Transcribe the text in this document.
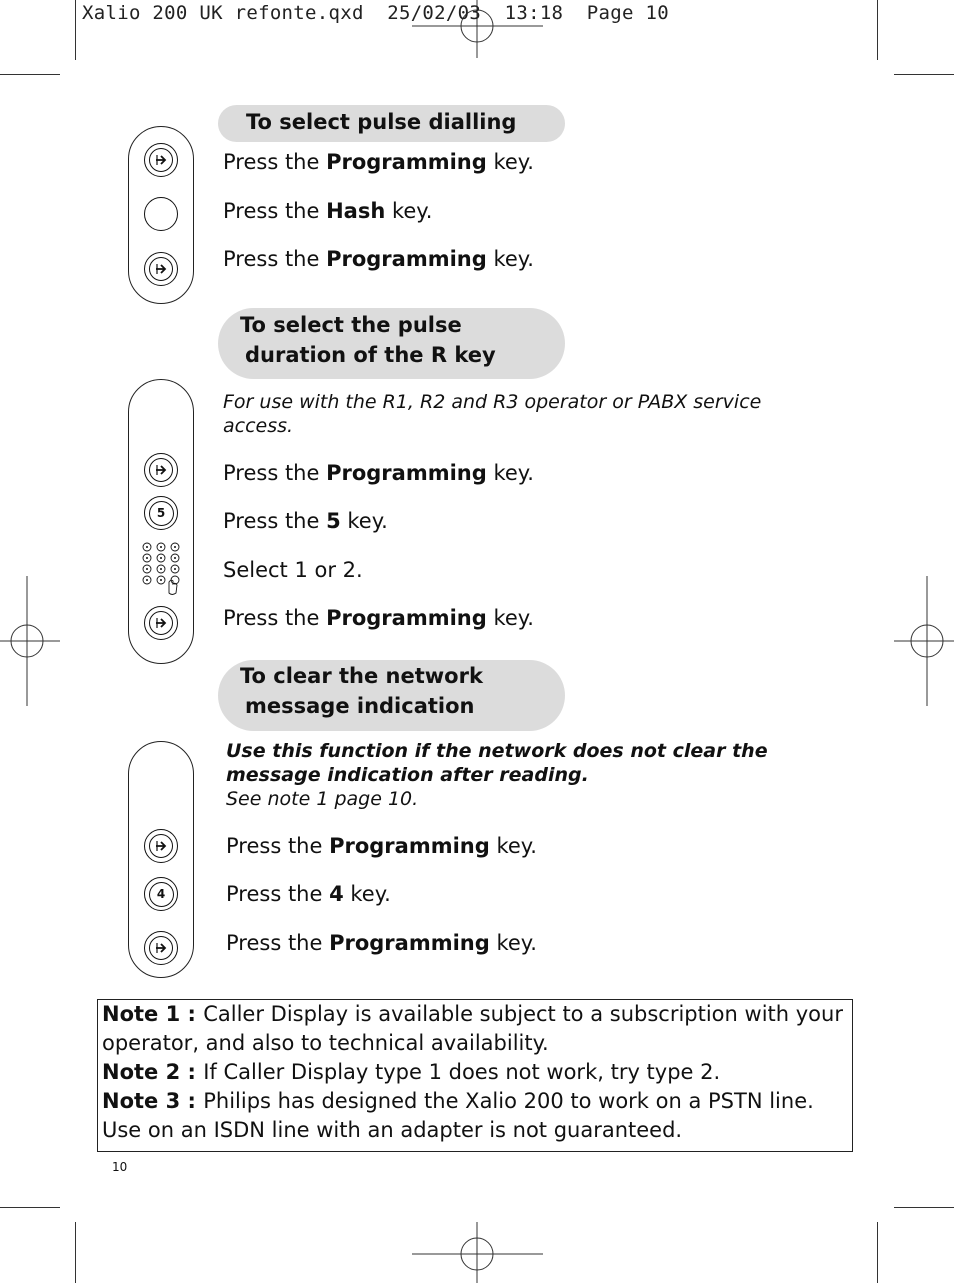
Xalio 200 UK refonte.qxd  25/02/03  13:18  Page 10
To select pulse dialling
Press the Programming key.
Press the Hash key.
Press the Programming key.
To select the pulse
duration of the R key
5
For use with the R1, R2 and R3 operator or PABX service
access.
Press the Programming key.
Press the 5 key.
Select 1 or 2.
Press the Programming key.
To clear the network
message indication
4
Use this function if the network does not clear the
message indication after reading.
See note 1 page 10.
Press the Programming key.
Press the 4 key.
Press the Programming key.

Note 1 : Caller Display is available subject to a subscription with your operator, and also to technical availability.

Note 2 : If Caller Display type 1 does not work, try type 2.

Note 3 : Philips has designed the Xalio 200 to work on a PSTN line. Use on an ISDN line with an adapter is not guaranteed.

10
